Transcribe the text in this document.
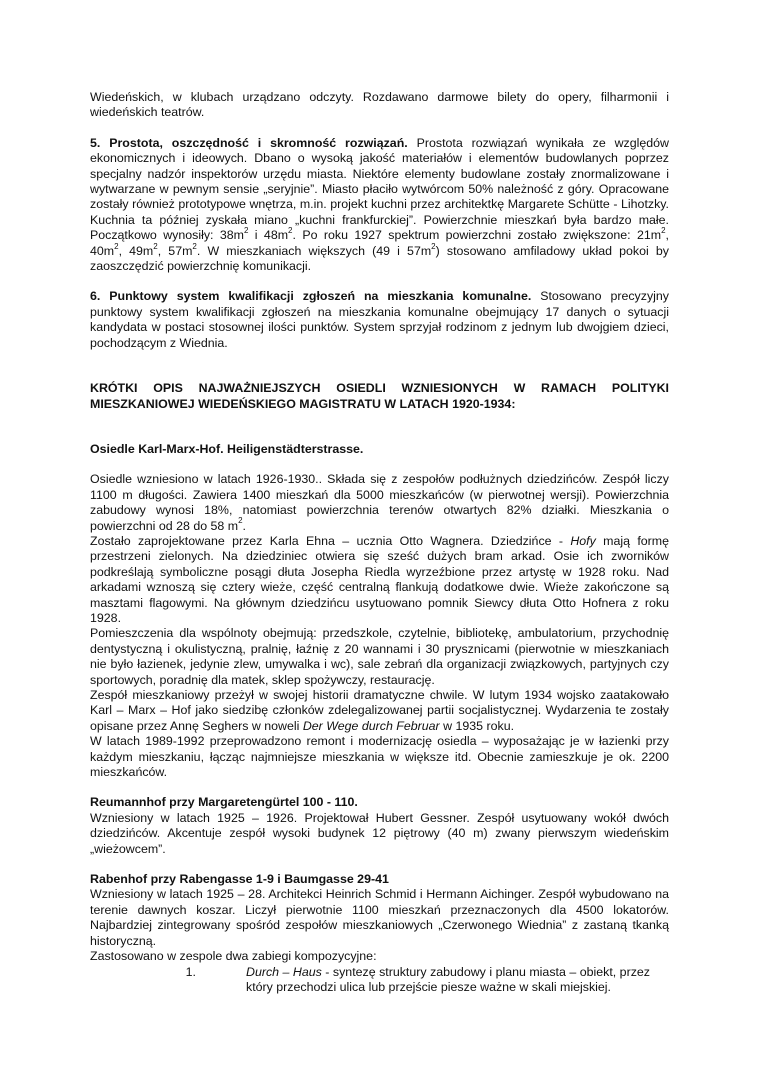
Wiedeńskich, w klubach urządzano odczyty. Rozdawano darmowe bilety do opery, filharmonii i wiedeńskich teatrów.

5. Prostota, oszczędność i skromność rozwiązań. Prostota rozwiązań wynikała ze względów ekonomicznych i ideowych. Dbano o wysoką jakość materiałów i elementów budowlanych poprzez specjalny nadzór inspektorów urzędu miasta. Niektóre elementy budowlane zostały znormalizowane i wytwarzane w pewnym sensie „seryjnie”. Miasto płaciło wytwórcom 50% należność z góry. Opracowane zostały również prototypowe wnętrza, m.in. projekt kuchni przez architektkę Margarete Schütte - Lihotzky. Kuchnia ta później zyskała miano „kuchni frankfurckiej”. Powierzchnie mieszkań była bardzo małe. Początkowo wynosiły: $38m^2$ i $48m^2$. Po roku 1927 spektrum powierzchni zostało zwiększone: $21m^2$, $40m^2$, $49m^2$, $57m^2$. W mieszkaniach większych (49 i $57m^2$) stosowano amfiladowy układ pokoi by zaoszczędzić powierzchnię komunikacji.

6. Punktowy system kwalifikacji zgłoszeń na mieszkania komunalne. Stosowano precyzyjny punktowy system kwalifikacji zgłoszeń na mieszkania komunalne obejmujący 17 danych o sytuacji kandydata w postaci stosownej ilości punktów. System sprzyjał rodzinom z jednym lub dwojgiem dzieci, pochodzącym z Wiednia.

KRÓTKI OPIS NAJWAŻNIEJSZYCH OSIEDLI WZNIESIONYCH W RAMACH POLITYKI MIESZKANIOWEJ WIEDEŃSKIEGO MAGISTRATU W LATACH 1920-1934:

Osiedle Karl-Marx-Hof. Heiligenstädterstrasse.

Osiedle wzniesiono w latach 1926-1930.. Składa się z zespołów podłużnych dziedzińców. Zespół liczy 1100 m długości. Zawiera 1400 mieszkań dla 5000 mieszkańców (w pierwotnej wersji). Powierzchnia zabudowy wynosi 18%, natomiast powierzchnia terenów otwartych 82% działki. Mieszkania o powierzchni od 28 do 58 $m^2$.

Zostało zaprojektowane przez Karla Ehna – ucznia Otto Wagnera. Dziedzińce - Hofy mają formę przestrzeni zielonych. Na dziedziniec otwiera się sześć dużych bram arkad. Osie ich zworników podkreślają symboliczne posągi dłuta Josepha Riedla wyrzeźbione przez artystę w 1928 roku. Nad arkadami wznoszą się cztery wieże, część centralną flankują dodatkowe dwie. Wieże zakończone są masztami flagowymi. Na głównym dziedzińcu usytuowano pomnik Siewcy dłuta Otto Hofnera z roku 1928.

Pomieszczenia dla wspólnoty obejmują: przedszkole, czytelnie, bibliotekę, ambulatorium, przychodnię dentystyczną i okulistyczną, pralnię, łaźnię z 20 wannami i 30 prysznicami (pierwotnie w mieszkaniach nie było łazienek, jedynie zlew, umywalka i wc), sale zebrań dla organizacji związkowych, partyjnych czy sportowych, poradnię dla matek, sklep spożywczy, restaurację.

Zespół mieszkaniowy przeżył w swojej historii dramatyczne chwile. W lutym 1934 wojsko zaatakowało Karl – Marx – Hof jako siedzibę członków zdelegalizowanej partii socjalistycznej. Wydarzenia te zostały opisane przez Annę Seghers w noweli Der Wege durch Februar w 1935 roku.

W latach 1989-1992 przeprowadzono remont i modernizację osiedla – wyposażając je w łazienki przy każdym mieszkaniu, łącząc najmniejsze mieszkania w większe itd. Obecnie zamieszkuje je ok. 2200 mieszkańców.

Reumannhof przy Margaretengürtel 100 - 110.

Wzniesiony w latach 1925 – 1926. Projektował Hubert Gessner. Zespół usytuowany wokół dwóch dziedzińców. Akcentuje zespół wysoki budynek 12 piętrowy (40 m) zwany pierwszym wiedeńskim „wieżowcem”.

Rabenhof przy Rabengasse 1-9 i Baumgasse 29-41

Wzniesiony w latach 1925 – 28. Architekci Heinrich Schmid i Hermann Aichinger. Zespół wybudowano na terenie dawnych koszar. Liczył pierwotnie 1100 mieszkań przeznaczonych dla 4500 lokatorów. Najbardziej zintegrowany spośród zespołów mieszkaniowych „Czerwonego Wiednia” z zastaną tkanką historyczną.

Zastosowano w zespole dwa zabiegi kompozycyjne:

1.	Durch – Haus - syntezę struktury zabudowy i planu miasta – obiekt, przez który przechodzi ulica lub przejście piesze ważne w skali miejskiej.
